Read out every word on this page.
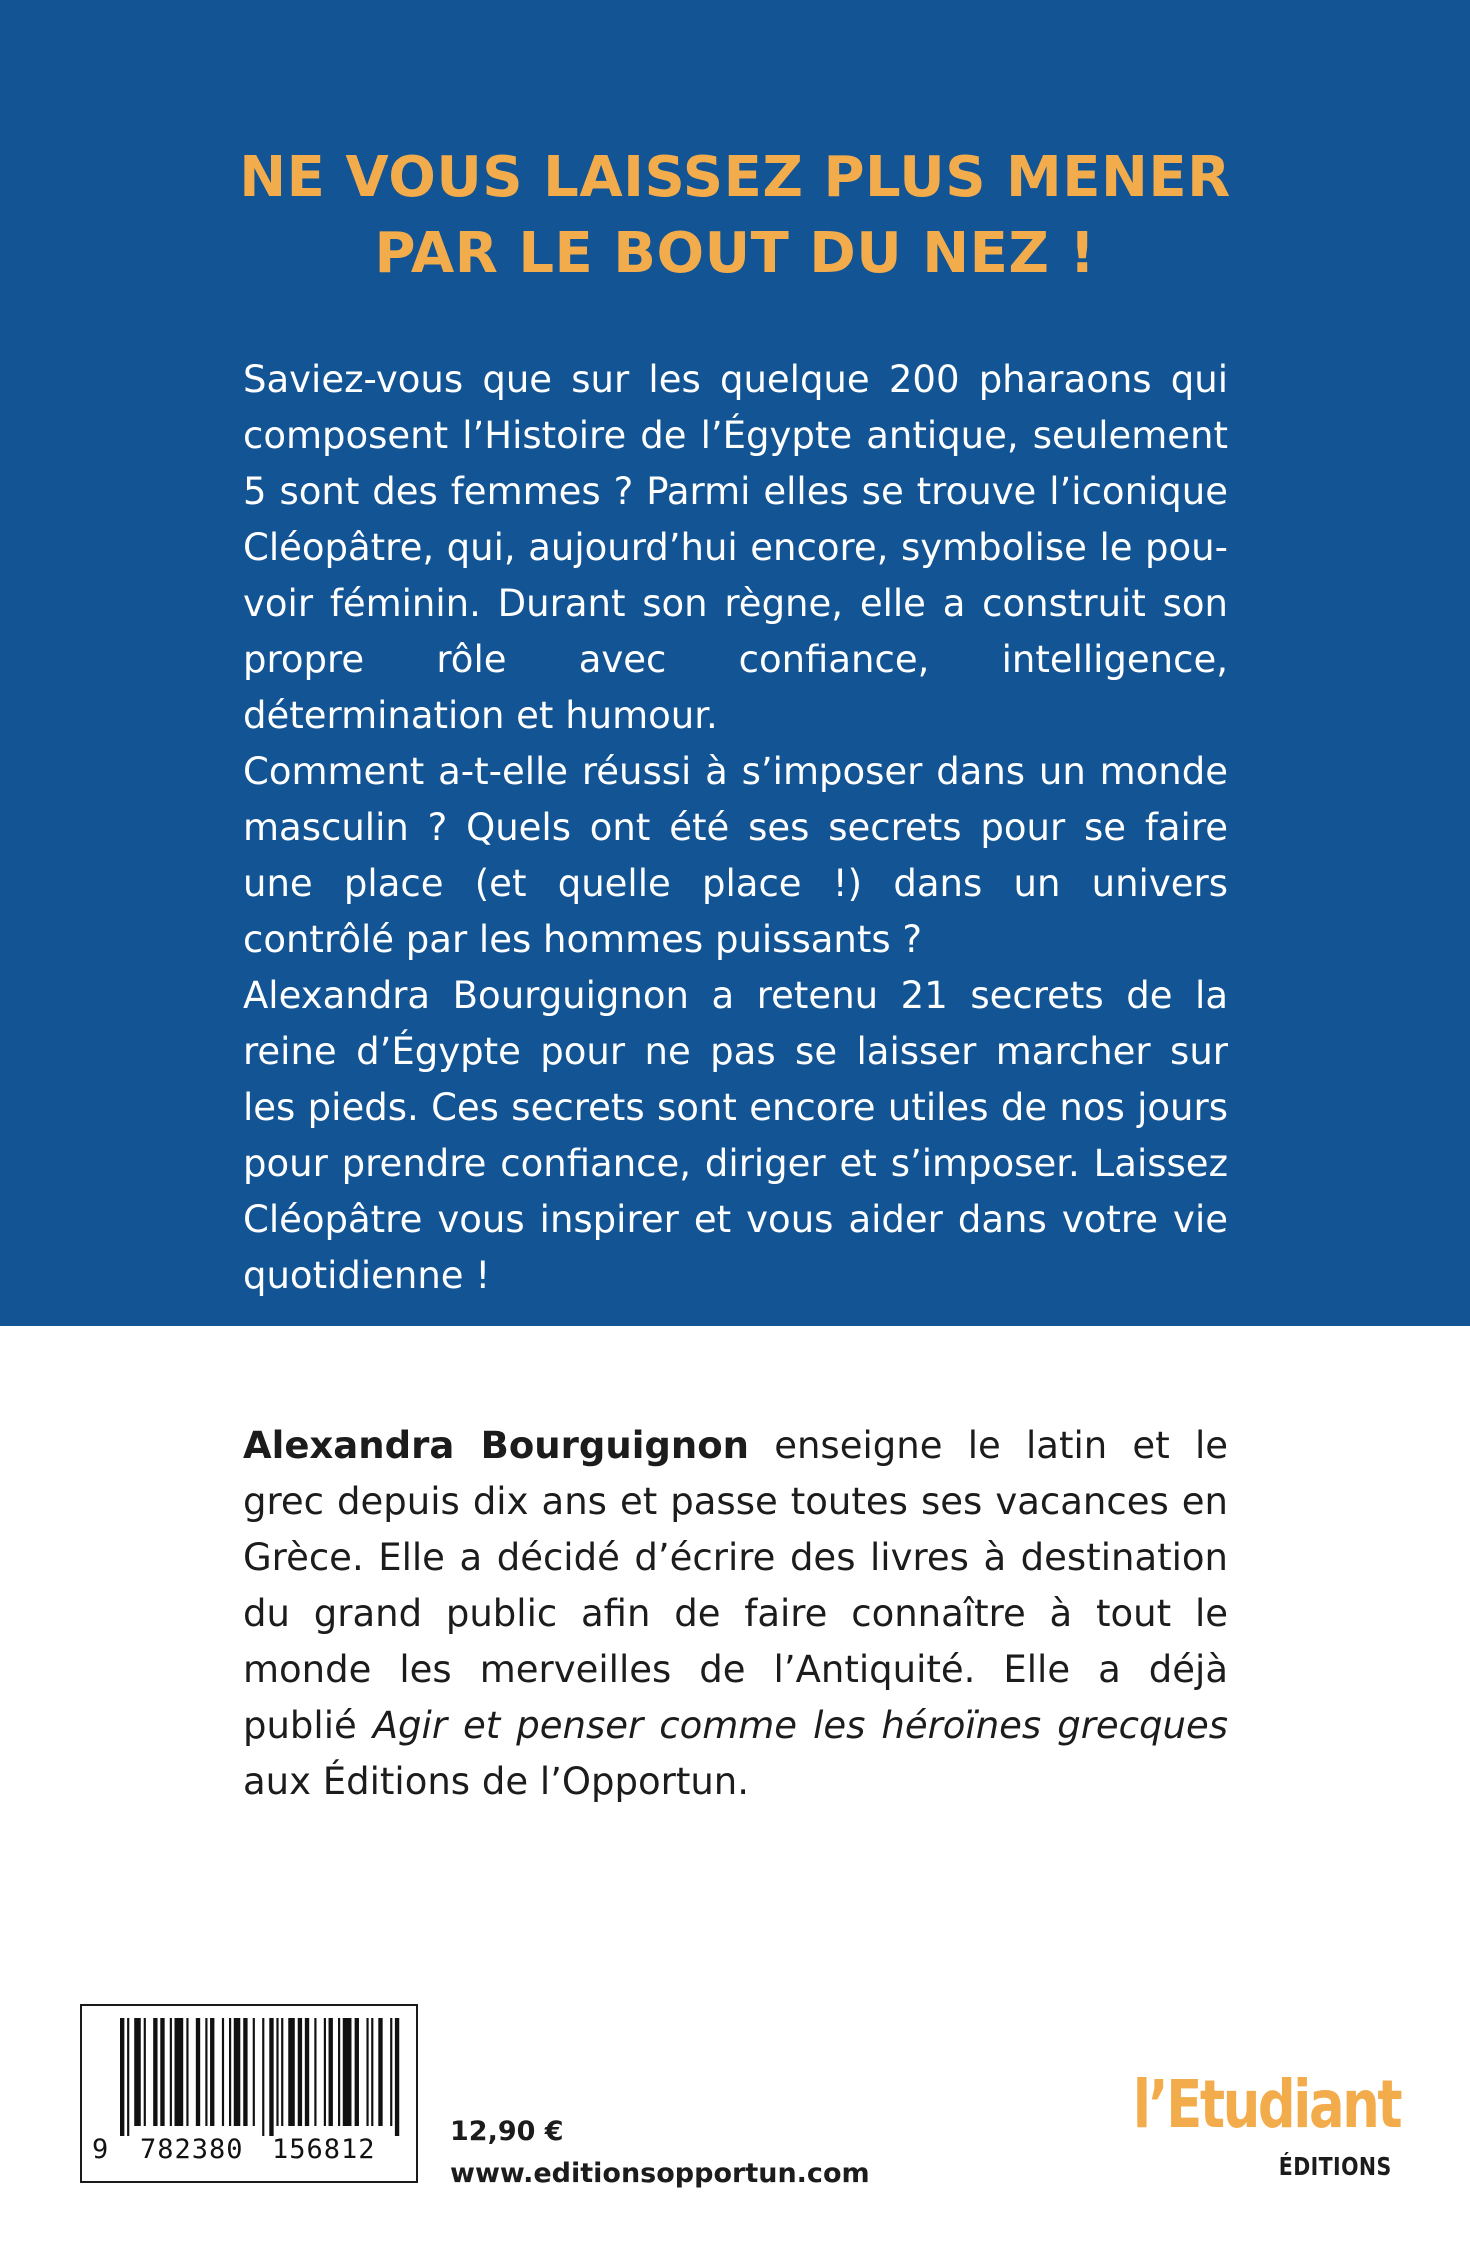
NE VOUS LAISSEZ PLUS MENER
PAR LE BOUT DU NEZ !

Saviez-vous que sur les quelque 200 pharaons qui composent l’Histoire de l’Égypte antique, seulement 5 sont des femmes ? Parmi elles se trouve l’iconique Cléopâtre, qui, aujourd’hui encore, symbolise le pouvoir féminin. Durant son règne, elle a construit son propre rôle avec confiance, intelligence, détermination et humour.

Comment a-t-elle réussi à s’imposer dans un monde masculin ? Quels ont été ses secrets pour se faire une place (et quelle place !) dans un univers contrôlé par les hommes puissants ?

Alexandra Bourguignon a retenu 21 secrets de la reine d’Égypte pour ne pas se laisser marcher sur les pieds. Ces secrets sont encore utiles de nos jours pour prendre confiance, diriger et s’imposer. Laissez Cléopâtre vous inspirer et vous aider dans votre vie quotidienne !

Alexandra Bourguignon enseigne le latin et le grec depuis dix ans et passe toutes ses vacances en Grèce. Elle a décidé d’écrire des livres à destination du grand public afin de faire connaître à tout le monde les merveilles de l’Antiquité. Elle a déjà publié Agir et penser comme les héroïnes grecques aux Éditions de l’Opportun.

9 782380 156812
12,90 €
www.editionsopportun.com
l’Etudiant
ÉDITIONS
